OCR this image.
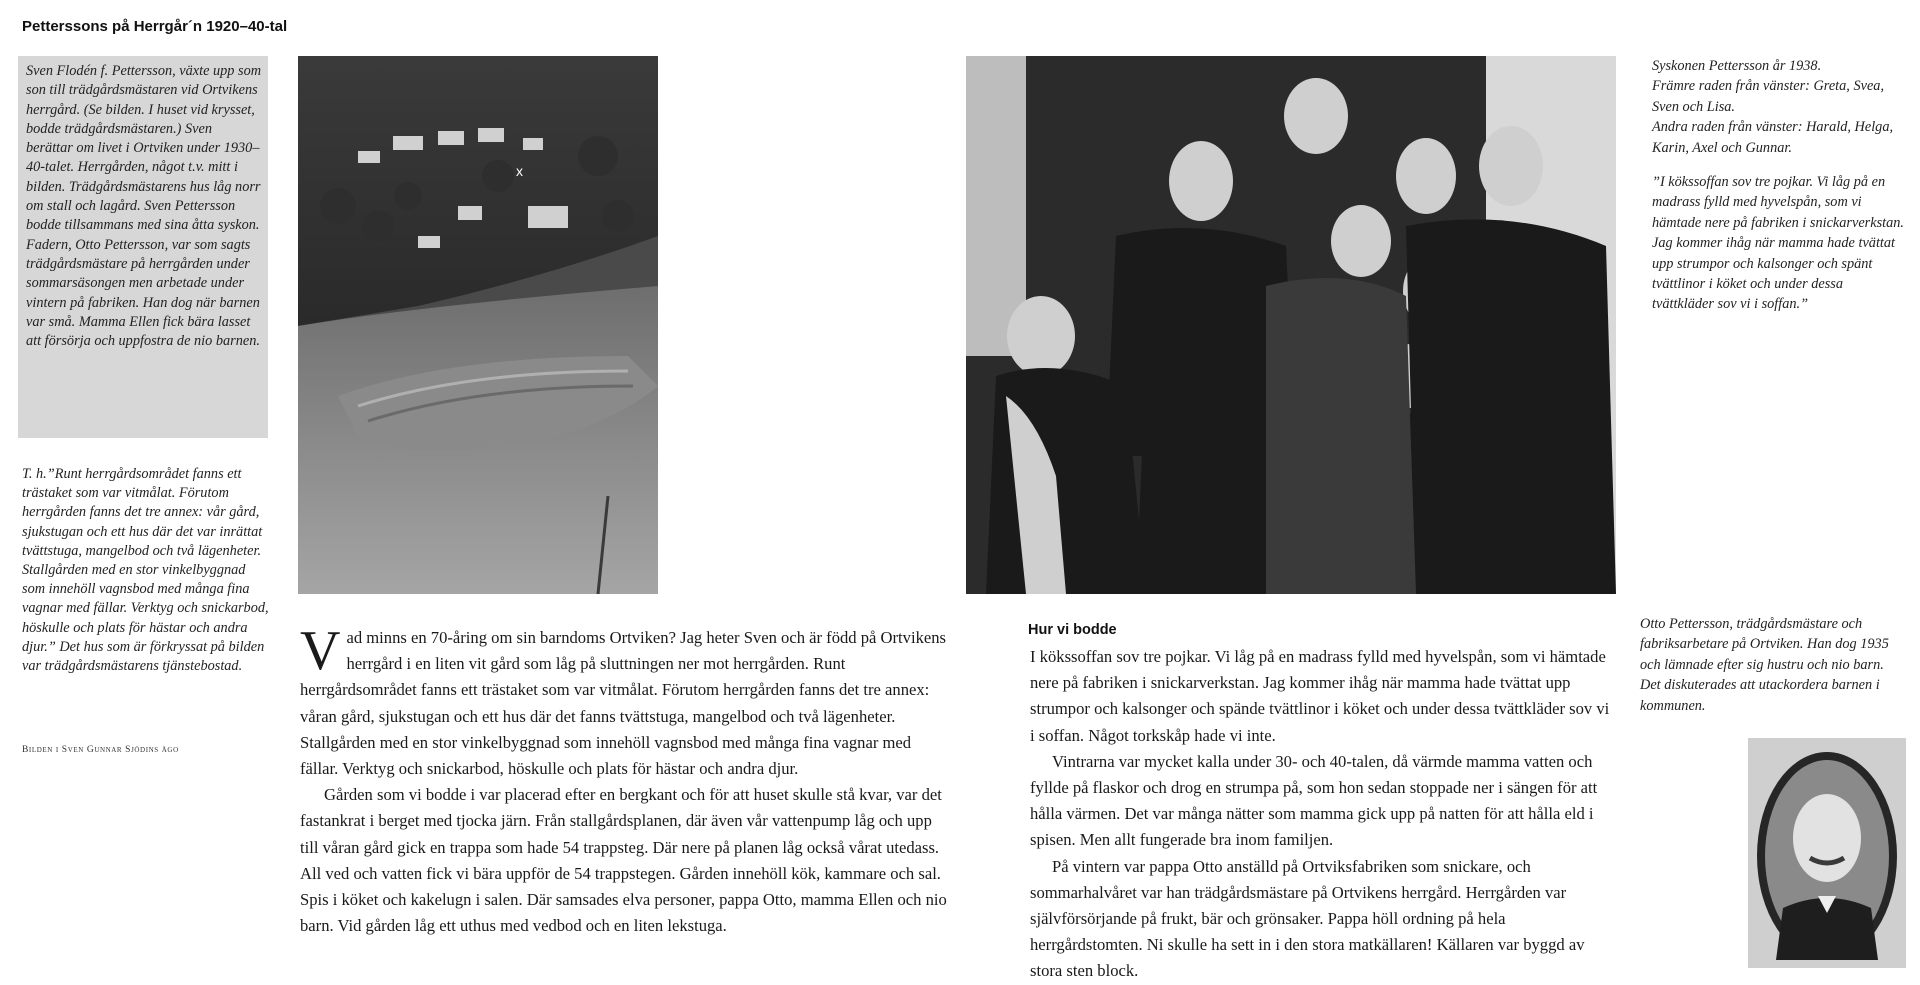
Petterssons på Herrgår´n 1920–40-tal

Sven Flodén f. Pettersson, växte upp som son till trädgårdsmästaren vid Ortvikens herrgård. (Se bilden. I huset vid krysset, bodde trädgårdsmästaren.) Sven berättar om livet i Ortviken under 1930–40-talet. Herrgården, något t.v. mitt i bilden. Trädgårdsmästarens hus låg norr om stall och lagård. Sven Pettersson bodde tillsammans med sina åtta syskon. Fadern, Otto Pettersson, var som sagts trädgårdsmästare på herrgården under sommarsäsongen men arbetade under vintern på fabriken. Han dog när barnen var små. Mamma Ellen fick bära lasset att försörja och uppfostra de nio barnen.

T. h.”Runt herrgårdsområdet fanns ett trästaket som var vitmålat. Förutom herrgården fanns det tre annex: vår gård, sjukstugan och ett hus där det var inrättat tvättstuga, mangelbod och två lägenheter. Stallgården med en stor vinkelbyggnad som innehöll vagnsbod med många fina vagnar med fällar. Verktyg och snickarbod, höskulle och plats för hästar och andra djur.” Det hus som är förkryssat på bilden var trädgårdsmästarens tjänstebostad.

Bilden i Sven Gunnar Sjödins ägo
x

Syskonen Pettersson år 1938.

Främre raden från vänster: Greta, Svea, Sven och Lisa.

Andra raden från vänster: Harald, Helga, Karin, Axel och Gunnar.

”I kökssoffan sov tre pojkar. Vi låg på en madrass fylld med hyvelspån, som vi hämtade nere på fabriken i snickarverkstan. Jag kommer ihåg när mamma hade tvättat upp strumpor och kalsonger och spänt tvättlinor i köket och under dessa tvättkläder sov vi i soffan.”

Otto Pettersson, trädgårdsmästare och fabriksarbetare på Ortviken. Han dog 1935 och lämnade efter sig hustru och nio barn. Det diskuterades att utackordera barnen i kommunen.

Vad minns en 70-åring om sin barndoms Ortviken? Jag heter Sven och är född på Ortvikens herrgård i en liten vit gård som låg på sluttningen ner mot herrgården. Runt herrgårdsområdet fanns ett trästaket som var vitmålat. Förutom herrgården fanns det tre annex: våran gård, sjukstugan och ett hus där det fanns tvättstuga, mangelbod och två lägenheter. Stallgården med en stor vinkelbyggnad som innehöll vagnsbod med många fina vagnar med fällar. Verktyg och snickarbod, höskulle och plats för hästar och andra djur.

Gården som vi bodde i var placerad efter en bergkant och för att huset skulle stå kvar, var det fastankrat i berget med tjocka järn. Från stallgårdsplanen, där även vår vattenpump låg och upp till våran gård gick en trappa som hade 54 trappsteg. Där nere på planen låg också vårat utedass. All ved och vatten fick vi bära uppför de 54 trappstegen. Gården innehöll kök, kammare och sal. Spis i köket och kakelugn i salen. Där samsades elva personer, pappa Otto, mamma Ellen och nio barn. Vid gården låg ett uthus med vedbod och en liten lekstuga.

Hur vi bodde

I kökssoffan sov tre pojkar. Vi låg på en madrass fylld med hyvelspån, som vi hämtade nere på fabriken i snickarverkstan. Jag kommer ihåg när mamma hade tvättat upp strumpor och kalsonger och spände tvättlinor i köket och under dessa tvättkläder sov vi i soffan. Något torkskåp hade vi inte.

Vintrarna var mycket kalla under 30- och 40-talen, då värmde mamma vatten och fyllde på flaskor och drog en strumpa på, som hon sedan stoppade ner i sängen för att hålla värmen. Det var många nätter som mamma gick upp på natten för att hålla eld i spisen. Men allt fungerade bra inom familjen.

På vintern var pappa Otto anställd på Ortviksfabriken som snickare, och sommarhalvåret var han trädgårdsmästare på Ortvikens herrgård. Herrgården var självförsörjande på frukt, bär och grönsaker. Pappa höll ordning på hela herrgårdstomten. Ni skulle ha sett in i den stora matkällaren! Källaren var byggd av stora sten block.
